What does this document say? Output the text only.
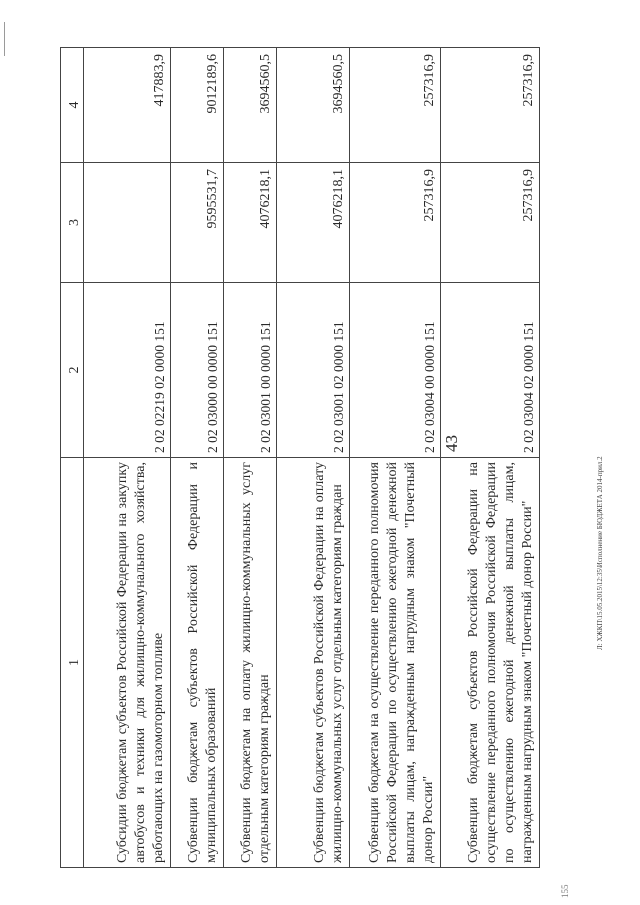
43
Л: ХЖКП\15.05.2015\12:35\Исполнение БЮДЖЕТА 2014-прил.2
155
1	2	3	4
Субсидии бюджетам субъектов Российской Федерации на закупку автобусов и техники для жилищно-коммунального хозяйства, работающих на газомоторном топливе	2 02 02219 02 0000 151		417883,9
Субвенции бюджетам субъектов Российской Федерации и муниципальных образований	2 02 03000 00 0000 151	9595531,7	9012189,6
Субвенции бюджетам на оплату жилищно-коммунальных услуг отдельным категориям граждан	2 02 03001 00 0000 151	4076218,1	3694560,5
Субвенции бюджетам субъектов Российской Федерации на оплату жилищно-коммунальных услуг отдельным категориям граждан	2 02 03001 02 0000 151	4076218,1	3694560,5
Субвенции бюджетам на осуществление переданного полномочия Российской Федерации по осуществлению ежегодной денежной выплаты лицам, награжденным нагрудным знаком "Почетный донор России"	2 02 03004 00 0000 151	257316,9	257316,9
Субвенции бюджетам субъектов Российской Федерации на осуществление переданного полномочия Российской Федерации по осуществлению ежегодной денежной выплаты лицам, награжденным нагрудным знаком "Почетный донор России"	2 02 03004 02 0000 151	257316,9	257316,9
